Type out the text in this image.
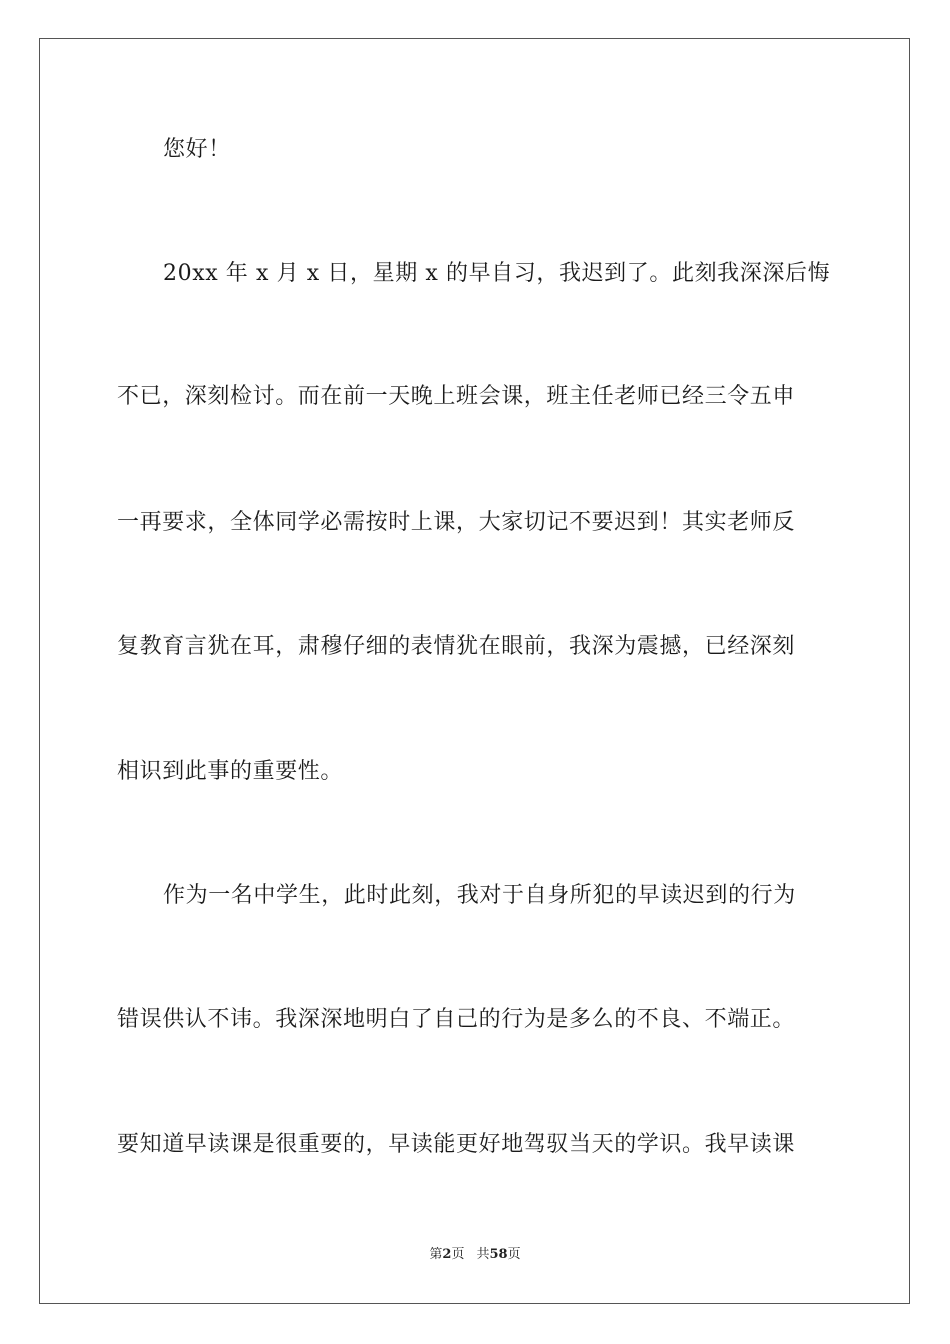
您好！
20xx 年 x 月 x 日，星期 x 的早自习，我迟到了。此刻我深深后悔
不已，深刻检讨。而在前一天晚上班会课，班主任老师已经三令五申
一再要求，全体同学必需按时上课，大家切记不要迟到！其实老师反
复教育言犹在耳，肃穆仔细的表情犹在眼前，我深为震撼，已经深刻
相识到此事的重要性。
作为一名中学生，此时此刻，我对于自身所犯的早读迟到的行为
错误供认不讳。我深深地明白了自己的行为是多么的不良、不端正。
要知道早读课是很重要的，早读能更好地驾驭当天的学识。我早读课
第2页 共58页
